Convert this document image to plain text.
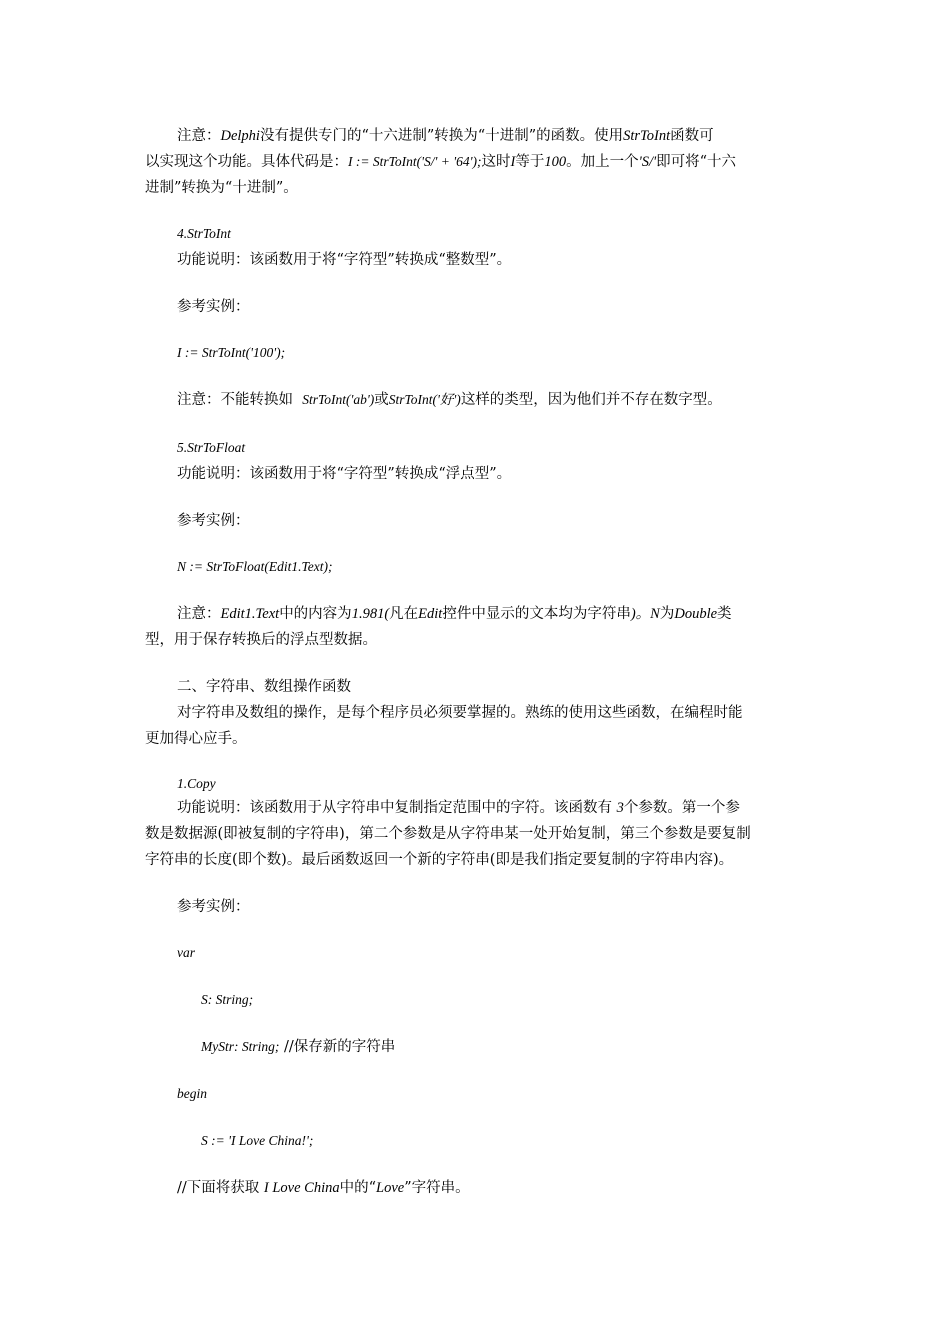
注意：Delphi没有提供专门的“十六进制”转换为“十进制”的函数。使用StrToInt函数可
以实现这个功能。具体代码是：I := StrToInt('S/' + '64');这时I等于100。加上一个'S/'即可将“十六
进制”转换为“十进制”。
4.StrToInt
功能说明：该函数用于将“字符型”转换成“整数型”。
参考实例：
I := StrToInt('100');
注意：不能转换如 StrToInt('ab')或StrToInt('好')这样的类型，因为他们并不存在数字型。
5.StrToFloat
功能说明：该函数用于将“字符型”转换成“浮点型”。
参考实例：
N := StrToFloat(Edit1.Text);
注意：Edit1.Text中的内容为1.981(凡在Edit控件中显示的文本均为字符串)。N为Double类
型，用于保存转换后的浮点型数据。
二、字符串、数组操作函数
对字符串及数组的操作，是每个程序员必须要掌握的。熟练的使用这些函数，在编程时能
更加得心应手。
1.Copy
功能说明：该函数用于从字符串中复制指定范围中的字符。该函数有 3个参数。第一个参
数是数据源(即被复制的字符串)，第二个参数是从字符串某一处开始复制，第三个参数是要复制
字符串的长度(即个数)。最后函数返回一个新的字符串(即是我们指定要复制的字符串内容)。
参考实例：
var
S: String;
MyStr: String; //保存新的字符串
begin
S := 'I Love China!';
//下面将获取 I Love China中的“Love”字符串。
